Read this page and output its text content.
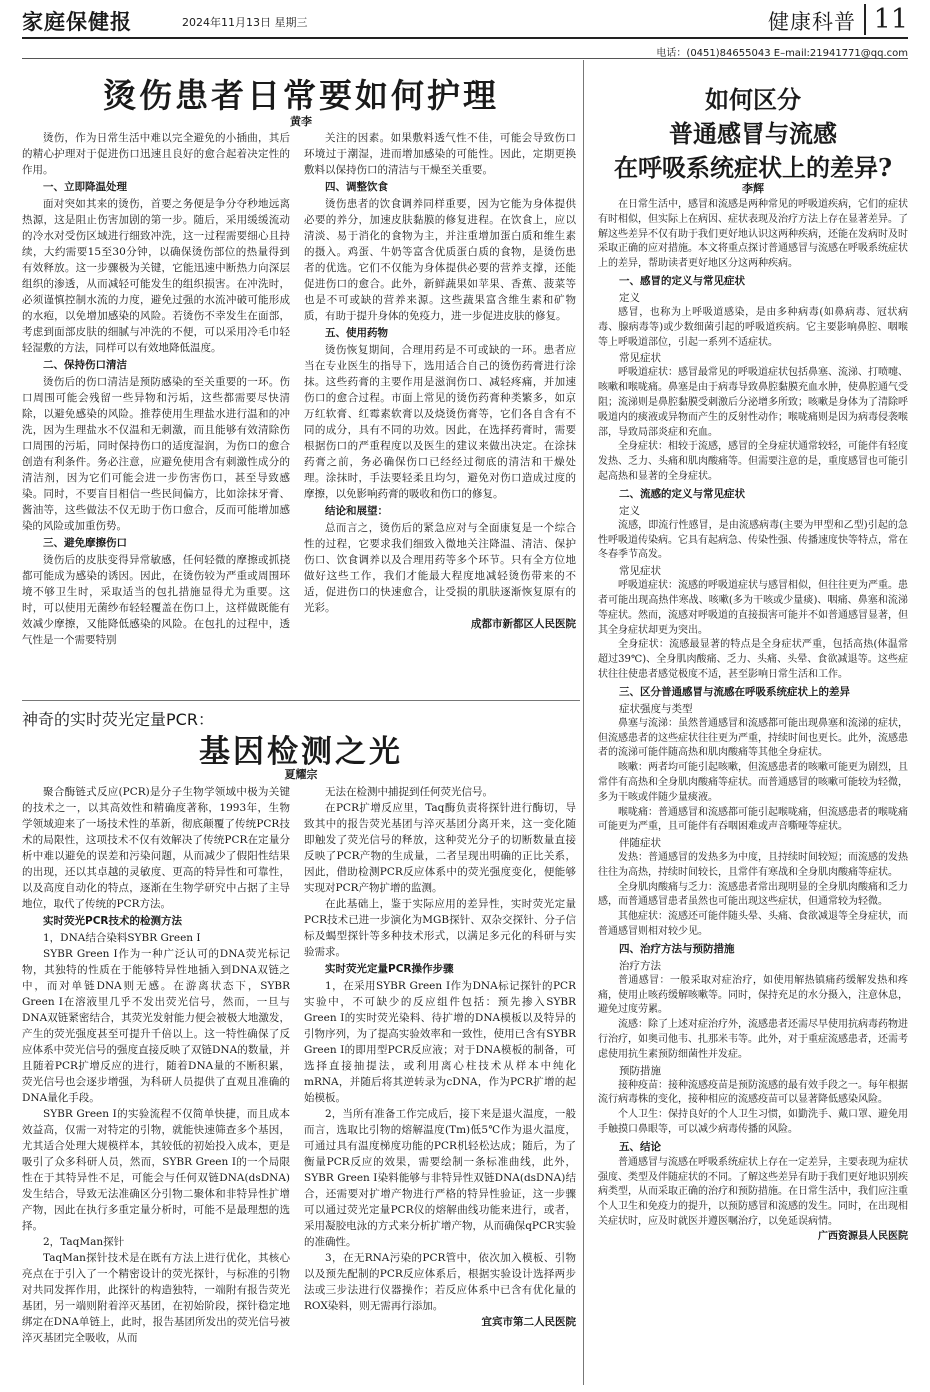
家庭保健报	2024年11月13日 星期三	健康科普 11
电话：(0451)84655043 E–mail:21941771@qq.com
烫伤患者日常要如何护理
黄李

烫伤，作为日常生活中难以完全避免的小插曲，其后的精心护理对于促进伤口迅速且良好的愈合起着决定性的作用。

一、立即降温处理

面对突如其来的烫伤，首要之务便是争分夺秒地远离热源，这是阻止伤害加剧的第一步。随后，采用缓缓流动的冷水对受伤区域进行细致冲洗，这一过程需要细心且持续，大约需要15至30分钟，以确保烫伤部位的热量得到有效释放。这一步骤极为关键，它能迅速中断热力向深层组织的渗透，从而减轻可能发生的组织损害。在冲洗时，必须谨慎控制水流的力度，避免过强的水流冲破可能形成的水疱，以免增加感染的风险。若烫伤不幸发生在面部，考虑到面部皮肤的细腻与冲洗的不便，可以采用冷毛巾轻轻湿敷的方法，同样可以有效地降低温度。

二、保持伤口清洁

烫伤后的伤口清洁是预防感染的至关重要的一环。伤口周围可能会残留一些异物和污垢，这些都需要尽快清除，以避免感染的风险。推荐使用生理盐水进行温和的冲洗，因为生理盐水不仅温和无刺激，而且能够有效清除伤口周围的污垢，同时保持伤口的适度湿润，为伤口的愈合创造有利条件。务必注意，应避免使用含有刺激性成分的清洁剂，因为它们可能会进一步伤害伤口，甚至导致感染。同时，不要盲目相信一些民间偏方，比如涂抹牙膏、酱油等，这些做法不仅无助于伤口愈合，反而可能增加感染的风险或加重伤势。

三、避免摩擦伤口

烫伤后的皮肤变得异常敏感，任何轻微的摩擦或抓挠都可能成为感染的诱因。因此，在烫伤较为严重或周围环境不够卫生时，采取适当的包扎措施显得尤为重要。这时，可以使用无菌纱布轻轻覆盖在伤口上，这样做既能有效减少摩擦，又能降低感染的风险。在包扎的过程中，透气性是一个需要特别

关注的因素。如果敷料透气性不佳，可能会导致伤口环境过于潮湿，进而增加感染的可能性。因此，定期更换敷料以保持伤口的清洁与干燥至关重要。

四、调整饮食

烫伤患者的饮食调养同样重要，因为它能为身体提供必要的养分，加速皮肤黏膜的修复进程。在饮食上，应以清淡、易于消化的食物为主，并注重增加蛋白质和维生素的摄入。鸡蛋、牛奶等富含优质蛋白质的食物，是烫伤患者的优选。它们不仅能为身体提供必要的营养支撑，还能促进伤口的愈合。此外，新鲜蔬果如苹果、香蕉、菠菜等也是不可或缺的营养来源。这些蔬果富含维生素和矿物质，有助于提升身体的免疫力，进一步促进皮肤的修复。

五、使用药物

烫伤恢复期间，合理用药是不可或缺的一环。患者应当在专业医生的指导下，选用适合自己的烫伤药膏进行涂抹。这些药膏的主要作用是滋润伤口、减轻疼痛，并加速伤口的愈合过程。市面上常见的烫伤药膏种类繁多，如京万红软膏、红霉素软膏以及烧烫伤膏等，它们各自含有不同的成分，具有不同的功效。因此，在选择药膏时，需要根据伤口的严重程度以及医生的建议来做出决定。在涂抹药膏之前，务必确保伤口已经经过彻底的清洁和干燥处理。涂抹时，手法要轻柔且均匀，避免对伤口造成过度的摩擦，以免影响药膏的吸收和伤口的修复。

结论和展望：

总而言之，烫伤后的紧急应对与全面康复是一个综合性的过程，它要求我们细致入微地关注降温、清洁、保护伤口、饮食调养以及合理用药等多个环节。只有全方位地做好这些工作，我们才能最大程度地减轻烫伤带来的不适，促进伤口的快速愈合，让受损的肌肤逐渐恢复原有的光彩。

成都市新都区人民医院

神奇的实时荧光定量PCR：
基因检测之光
夏耀宗

聚合酶链式反应(PCR)是分子生物学领域中极为关键的技术之一，以其高效性和精确度著称，1993年，生物学领域迎来了一场技术性的革新，彻底颠覆了传统PCR技术的局限性，这项技术不仅有效解决了传统PCR在定量分析中难以避免的误差和污染问题，从而减少了假阳性结果的出现，还以其卓越的灵敏度、更高的特异性和可靠性，以及高度自动化的特点，逐渐在生物学研究中占据了主导地位，取代了传统的PCR方法。

实时荧光PCR技术的检测方法

1，DNA结合染料SYBR Green I

SYBR Green I作为一种广泛认可的DNA荧光标记物，其独特的性质在于能够特异性地插入到DNA双链之中，而对单链DNA则无感。在游离状态下，SYBR Green I在溶液里几乎不发出荧光信号，然而，一旦与DNA双链紧密结合，其荧光发射能力便会被极大地激发，产生的荧光强度甚至可提升千倍以上。这一特性确保了反应体系中荧光信号的强度直接反映了双链DNA的数量，并且随着PCR扩增反应的进行，随着DNA量的不断积累，荧光信号也会逐步增强，为科研人员提供了直观且准确的DNA量化手段。

SYBR Green I的实验流程不仅简单快捷，而且成本效益高，仅需一对特定的引物，就能快速筛查多个基因，尤其适合处理大规模样本，其较低的初始投入成本，更是吸引了众多科研人员，然而，SYBR Green I的一个局限性在于其特异性不足，可能会与任何双链DNA(dsDNA)发生结合，导致无法准确区分引物二聚体和非特异性扩增产物，因此在执行多重定量分析时，可能不是最理想的选择。

2，TaqMan探针

TaqMan探针技术是在既有方法上进行优化，其核心亮点在于引入了一个精密设计的荧光探针，与标准的引物对共同发挥作用，此探针的构造独特，一端附有报告荧光基团，另一端则附着淬灭基团，在初始阶段，探针稳定地绑定在DNA单链上，此时，报告基团所发出的荧光信号被淬灭基团完全吸收，从而

无法在检测中捕捉到任何荧光信号。

在PCR扩增反应里，Taq酶负责将探针进行酶切，导致其中的报告荧光基团与淬灭基团分离开来，这一变化随即触发了荧光信号的释放，这种荧光分子的切断数量直接反映了PCR产物的生成量，二者呈现出明确的正比关系，因此，借助检测PCR反应体系中的荧光强度变化，便能够实现对PCR产物扩增的监测。

在此基础上，鉴于实际应用的差异性，实时荧光定量PCR技术已进一步演化为MGB探针、双杂交探针、分子信标及蝎型探针等多种技术形式，以满足多元化的科研与实验需求。

实时荧光定量PCR操作步骤

1，在采用SYBR Green I作为DNA标记探针的PCR实验中，不可缺少的反应组件包括：预先掺入SYBR Green I的实时荧光染料、待扩增的DNA模板以及特异的引物序列，为了提高实验效率和一致性，使用已含有SYBR Green I的即用型PCR反应液；对于DNA模板的制备，可选择直接抽提法，或利用离心柱技术从样本中纯化mRNA，并随后将其逆转录为cDNA，作为PCR扩增的起始模板。

2，当所有准备工作完成后，接下来是退火温度，一般而言，选取比引物的熔解温度(Tm)低5℃作为退火温度，可通过具有温度梯度功能的PCR机轻松达成；随后，为了衡量PCR反应的效果，需要绘制一条标准曲线，此外，SYBR Green I染料能够与非特异性双链DNA(dsDNA)结合，还需要对扩增产物进行严格的特异性验证，这一步骤可以通过荧光定量PCR仪的熔解曲线功能来进行，或者，采用凝胶电泳的方式来分析扩增产物，从而确保qPCR实验的准确性。

3，在无RNA污染的PCR管中，依次加入模板、引物以及预先配制的PCR反应体系后，根据实验设计选择两步法或三步法进行仪器操作；若反应体系中已含有优化量的ROX染料，则无需再行添加。

宜宾市第二人民医院

如何区分
普通感冒与流感
在呼吸系统症状上的差异?
李辉

在日常生活中，感冒和流感是两种常见的呼吸道疾病，它们的症状有时相似，但实际上在病因、症状表现及治疗方法上存在显著差异。了解这些差异不仅有助于我们更好地认识这两种疾病，还能在发病时及时采取正确的应对措施。本文将重点探讨普通感冒与流感在呼吸系统症状上的差异，帮助读者更好地区分这两种疾病。

一、感冒的定义与常见症状
定义

感冒，也称为上呼吸道感染，是由多种病毒(如鼻病毒、冠状病毒、腺病毒等)或少数细菌引起的呼吸道疾病。它主要影响鼻腔、咽喉等上呼吸道部位，引起一系列不适症状。

常见症状

呼吸道症状：感冒最常见的呼吸道症状包括鼻塞、流涕、打喷嚏、咳嗽和喉咙痛。鼻塞是由于病毒导致鼻腔黏膜充血水肿，使鼻腔通气受阻；流涕则是鼻腔黏膜受刺激后分泌增多所致；咳嗽是身体为了清除呼吸道内的痰液或异物而产生的反射性动作；喉咙痛则是因为病毒侵袭喉部，导致局部炎症和充血。

全身症状：相较于流感，感冒的全身症状通常较轻，可能伴有轻度发热、乏力、头痛和肌肉酸痛等。但需要注意的是，重度感冒也可能引起高热和显著的全身症状。

二、流感的定义与常见症状
定义

流感，即流行性感冒，是由流感病毒(主要为甲型和乙型)引起的急性呼吸道传染病。它具有起病急、传染性强、传播速度快等特点，常在冬春季节高发。

常见症状

呼吸道症状：流感的呼吸道症状与感冒相似，但往往更为严重。患者可能出现高热伴寒战、咳嗽(多为干咳或少量痰)、咽痛、鼻塞和流涕等症状。然而，流感对呼吸道的直接损害可能并不如普通感冒显著，但其全身症状却更为突出。

全身症状：流感最显著的特点是全身症状严重，包括高热(体温常超过39℃)、全身肌肉酸痛、乏力、头痛、头晕、食欲减退等。这些症状往往使患者感觉极度不适，甚至影响日常生活和工作。

三、区分普通感冒与流感在呼吸系统症状上的差异
症状强度与类型

鼻塞与流涕：虽然普通感冒和流感都可能出现鼻塞和流涕的症状，但流感患者的这些症状往往更为严重，持续时间也更长。此外，流感患者的流涕可能伴随高热和肌肉酸痛等其他全身症状。

咳嗽：两者均可能引起咳嗽，但流感患者的咳嗽可能更为剧烈，且常伴有高热和全身肌肉酸痛等症状。而普通感冒的咳嗽可能较为轻微，多为干咳或伴随少量痰液。

喉咙痛：普通感冒和流感都可能引起喉咙痛，但流感患者的喉咙痛可能更为严重，且可能伴有吞咽困难或声音嘶哑等症状。

伴随症状

发热：普通感冒的发热多为中度，且持续时间较短；而流感的发热往往为高热，持续时间较长，且常伴有寒战和全身肌肉酸痛等症状。

全身肌肉酸痛与乏力：流感患者常出现明显的全身肌肉酸痛和乏力感，而普通感冒患者虽然也可能出现这些症状，但通常较为轻微。

其他症状：流感还可能伴随头晕、头痛、食欲减退等全身症状，而普通感冒则相对较少见。

四、治疗方法与预防措施
治疗方法

普通感冒：一般采取对症治疗，如使用解热镇痛药缓解发热和疼痛，使用止咳药缓解咳嗽等。同时，保持充足的水分摄入，注意休息，避免过度劳累。

流感：除了上述对症治疗外，流感患者还需尽早使用抗病毒药物进行治疗，如奥司他韦、扎那米韦等。此外，对于重症流感患者，还需考虑使用抗生素预防细菌性并发症。

预防措施

接种疫苗：接种流感疫苗是预防流感的最有效手段之一。每年根据流行病毒株的变化，接种相应的流感疫苗可以显著降低感染风险。

个人卫生：保持良好的个人卫生习惯，如勤洗手、戴口罩、避免用手触摸口鼻眼等，可以减少病毒传播的风险。

五、结论

普通感冒与流感在呼吸系统症状上存在一定差异，主要表现为症状强度、类型及伴随症状的不同。了解这些差异有助于我们更好地识别疾病类型，从而采取正确的治疗和预防措施。在日常生活中，我们应注重个人卫生和免疫力的提升，以预防感冒和流感的发生。同时，在出现相关症状时，应及时就医并遵医嘱治疗，以免延误病情。

广西资源县人民医院
